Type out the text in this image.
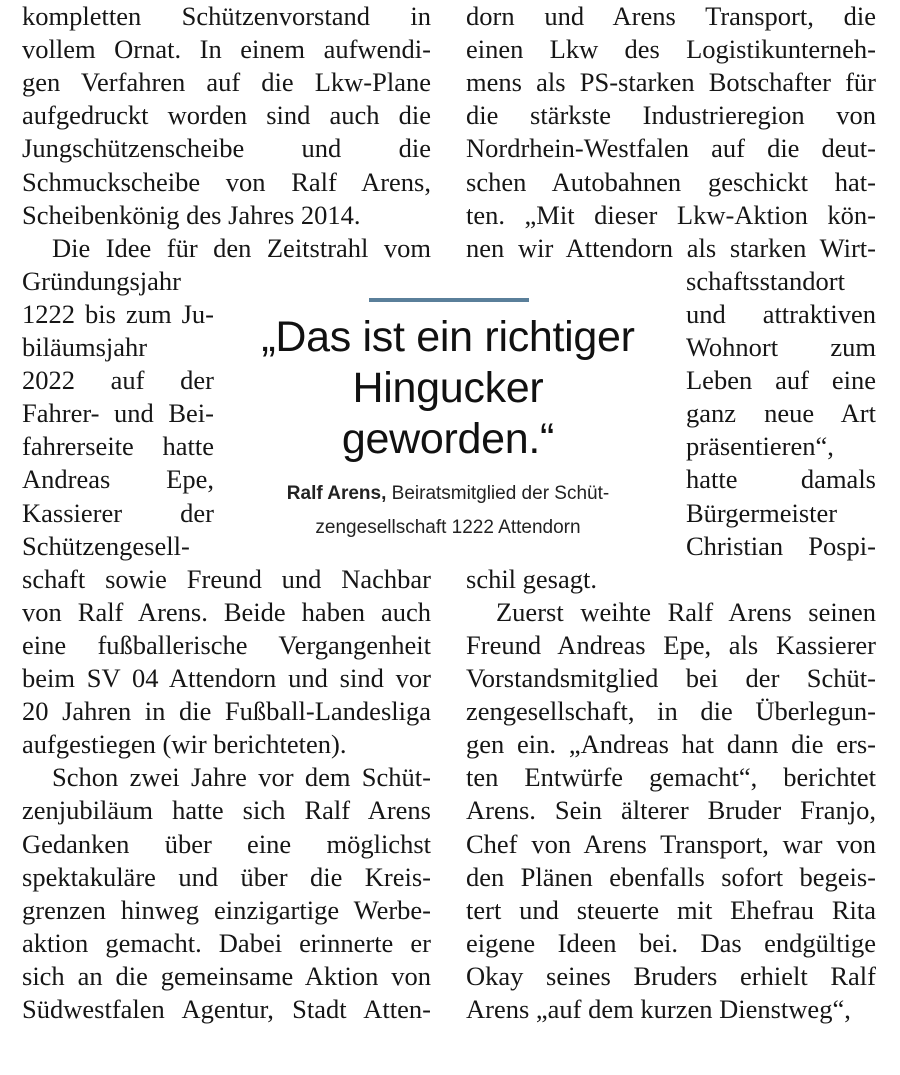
kompletten Schützenvorstand in
vollem Ornat. In einem aufwendi-
gen Verfahren auf die Lkw-Plane
aufgedruckt worden sind auch die
Jungschützenscheibe und die
Schmuckscheibe von Ralf Arens,
Scheibenkönig des Jahres 2014.
Die Idee für den Zeitstrahl vom
Gründungsjahr
1222 bis zum Ju-
biläumsjahr
2022 auf der
Fahrer- und Bei-
fahrerseite hatte
Andreas Epe,
Kassierer der
Schützengesell-
schaft sowie Freund und Nachbar
von Ralf Arens. Beide haben auch
eine fußballerische Vergangenheit
beim SV 04 Attendorn und sind vor
20 Jahren in die Fußball-Landesliga
aufgestiegen (wir berichteten).
Schon zwei Jahre vor dem Schüt-
zenjubiläum hatte sich Ralf Arens
Gedanken über eine möglichst
spektakuläre und über die Kreis-
grenzen hinweg einzigartige Werbe-
aktion gemacht. Dabei erinnerte er
sich an die gemeinsame Aktion von
Südwestfalen Agentur, Stadt Atten-
dorn und Arens Transport, die
einen Lkw des Logistikunterneh-
mens als PS-starken Botschafter für
die stärkste Industrieregion von
Nordrhein-Westfalen auf die deut-
schen Autobahnen geschickt hat-
ten. „Mit dieser Lkw-Aktion kön-
nen wir Attendorn als starken Wirt-
schaftsstandort
und attraktiven
Wohnort zum
Leben auf eine
ganz neue Art
präsentieren“,
hatte damals
Bürgermeister
Christian Pospi-
schil gesagt.
Zuerst weihte Ralf Arens seinen
Freund Andreas Epe, als Kassierer
Vorstandsmitglied bei der Schüt-
zengesellschaft, in die Überlegun-
gen ein. „Andreas hat dann die ers-
ten Entwürfe gemacht“, berichtet
Arens. Sein älterer Bruder Franjo,
Chef von Arens Transport, war von
den Plänen ebenfalls sofort begeis-
tert und steuerte mit Ehefrau Rita
eigene Ideen bei. Das endgültige
Okay seines Bruders erhielt Ralf
Arens „auf dem kurzen Dienstweg“,
„Das ist ein richtiger
Hingucker
geworden.“
Ralf Arens, Beiratsmitglied der Schüt-
zengesellschaft 1222 Attendorn
